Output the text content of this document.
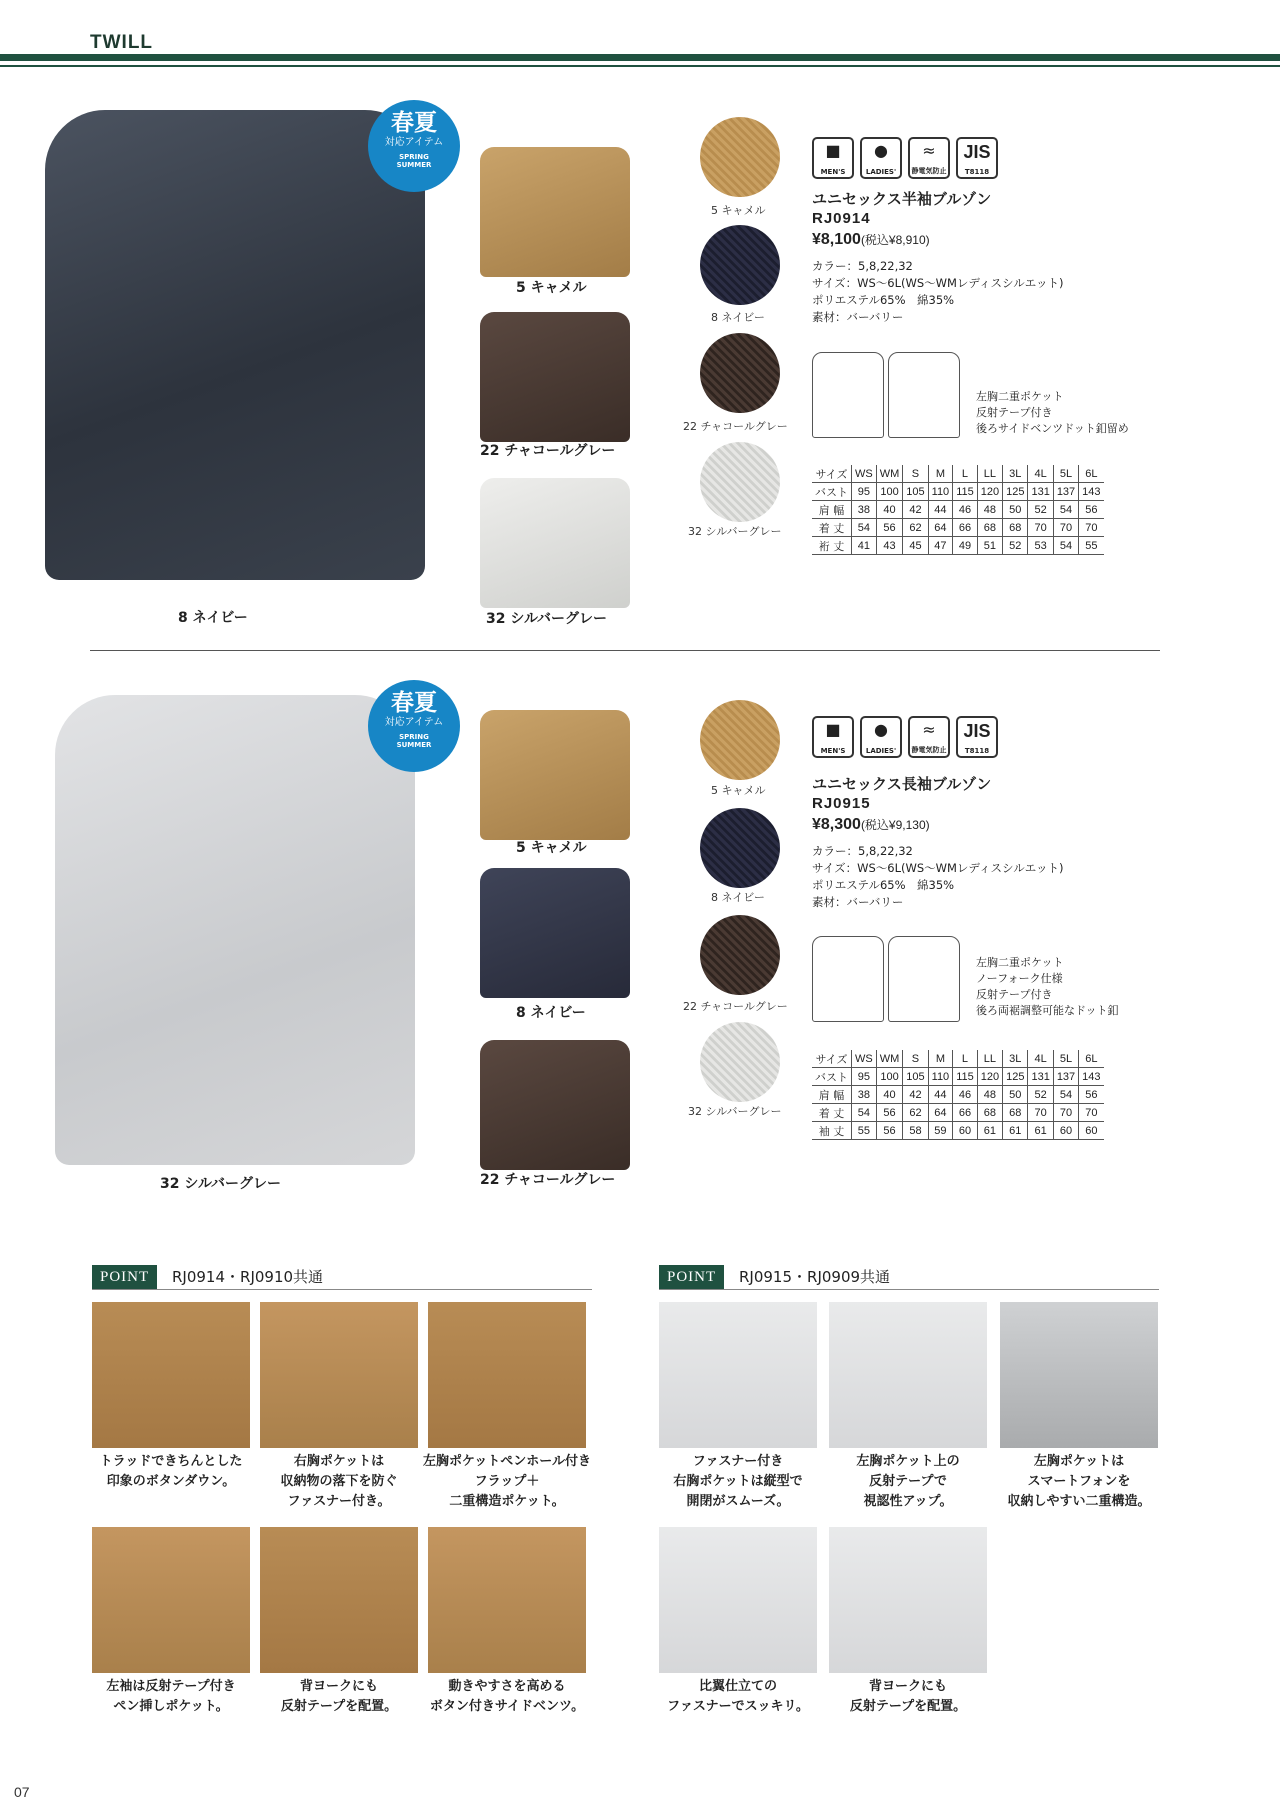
TWILL
8 ネイビー
春夏
対応アイテム
SPRING
SUMMER
5 キャメル
22 チャコールグレー
32 シルバーグレー
5 キャメル
8 ネイビー
22 チャコールグレー
32 シルバーグレー
■
MEN'S
●
LADIES'
≈
静電気防止
JIS
T8118
ユニセックス半袖ブルゾン
RJ0914
¥8,100(税込¥8,910)
カラー：5,8,22,32
サイズ：WS〜6L(WS〜WMレディスシルエット)
ポリエステル65%　綿35%
素材：バーバリー
左胸二重ポケット
反射テープ付き
後ろサイドベンツドット釦留め
サイズ	WS	WM	S	M	L	LL	3L	4L	5L	6L
バスト	95	100	105	110	115	120	125	131	137	143
肩 幅	38	40	42	44	46	48	50	52	54	56
着 丈	54	56	62	64	66	68	68	70	70	70
裄 丈	41	43	45	47	49	51	52	53	54	55
32 シルバーグレー
春夏
対応アイテム
SPRING
SUMMER
5 キャメル
8 ネイビー
22 チャコールグレー
5 キャメル
8 ネイビー
22 チャコールグレー
32 シルバーグレー
■
MEN'S
●
LADIES'
≈
静電気防止
JIS
T8118
ユニセックス長袖ブルゾン
RJ0915
¥8,300(税込¥9,130)
カラー：5,8,22,32
サイズ：WS〜6L(WS〜WMレディスシルエット)
ポリエステル65%　綿35%
素材：バーバリー
左胸二重ポケット
ノーフォーク仕様
反射テープ付き
後ろ両裾調整可能なドット釦
サイズ	WS	WM	S	M	L	LL	3L	4L	5L	6L
バスト	95	100	105	110	115	120	125	131	137	143
肩 幅	38	40	42	44	46	48	50	52	54	56
着 丈	54	56	62	64	66	68	68	70	70	70
袖 丈	55	56	58	59	60	61	61	61	60	60
POINT	RJ0914・RJ0910共通
トラッドできちんとした
印象のボタンダウン。
右胸ポケットは
収納物の落下を防ぐ
ファスナー付き。
左胸ポケットペンホール付き
フラップ＋
二重構造ポケット。
左袖は反射テープ付き
ペン挿しポケット。
背ヨークにも
反射テープを配置。
動きやすさを高める
ボタン付きサイドベンツ。
POINT	RJ0915・RJ0909共通
ファスナー付き
右胸ポケットは縦型で
開閉がスムーズ。
左胸ポケット上の
反射テープで
視認性アップ。
左胸ポケットは
スマートフォンを
収納しやすい二重構造。
比翼仕立ての
ファスナーでスッキリ。
背ヨークにも
反射テープを配置。
07
